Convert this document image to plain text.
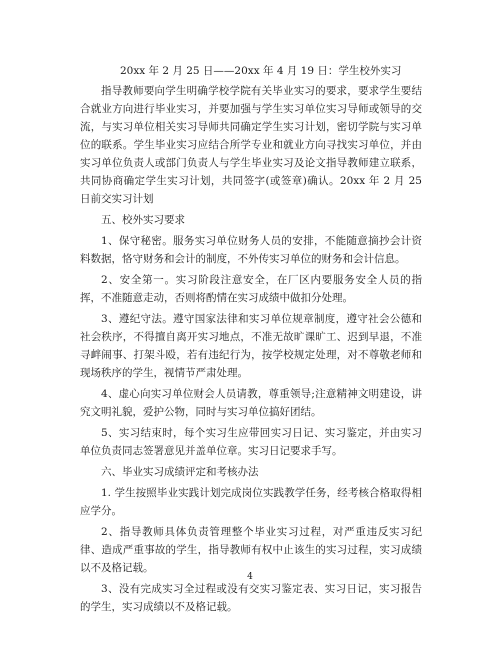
20xx 年 2 月 25 日——20xx 年 4 月 19 日：学生校外实习

指导教师要向学生明确学校学院有关毕业实习的要求，要求学生要结合就业方向进行毕业实习，并要加强与学生实习单位实习导师或领导的交流，与实习单位相关实习导师共同确定学生实习计划，密切学院与实习单位的联系。学生毕业实习应结合所学专业和就业方向寻找实习单位，并由实习单位负责人或部门负责人与学生毕业实习及论文指导教师建立联系，共同协商确定学生实习计划，共同签字(或签章)确认。20xx 年 2 月 25 日前交实习计划

五、校外实习要求

1、保守秘密。服务实习单位财务人员的安排，不能随意摘抄会计资料数据，恪守财务和会计的制度，不外传实习单位的财务和会计信息。

2、安全第一。实习阶段注意安全，在厂区内要服务安全人员的指挥，不准随意走动，否则将酌情在实习成绩中做扣分处理。

3、遵纪守法。遵守国家法律和实习单位规章制度，遵守社会公德和社会秩序，不得擅自离开实习地点，不准无故旷课旷工、迟到早退，不准寻衅闹事、打架斗殴，若有违纪行为，按学校规定处理，对不尊敬老师和现场秩序的学生，视情节严肃处理。

4、虚心向实习单位财会人员请教，尊重领导;注意精神文明建设，讲究文明礼貌，爱护公物，同时与实习单位搞好团结。

5、实习结束时，每个实习生应带回实习日记、实习鉴定，并由实习单位负责同志签署意见并盖单位章。实习日记要求手写。

六、毕业实习成绩评定和考核办法

1. 学生按照毕业实践计划完成岗位实践教学任务，经考核合格取得相应学分。

2、指导教师具体负责管理整个毕业实习过程，对严重违反实习纪律、造成严重事故的学生，指导教师有权中止该生的实习过程，实习成绩以不及格记载。

3、没有完成实习全过程或没有交实习鉴定表、实习日记，实习报告的学生，实习成绩以不及格记载。

4
